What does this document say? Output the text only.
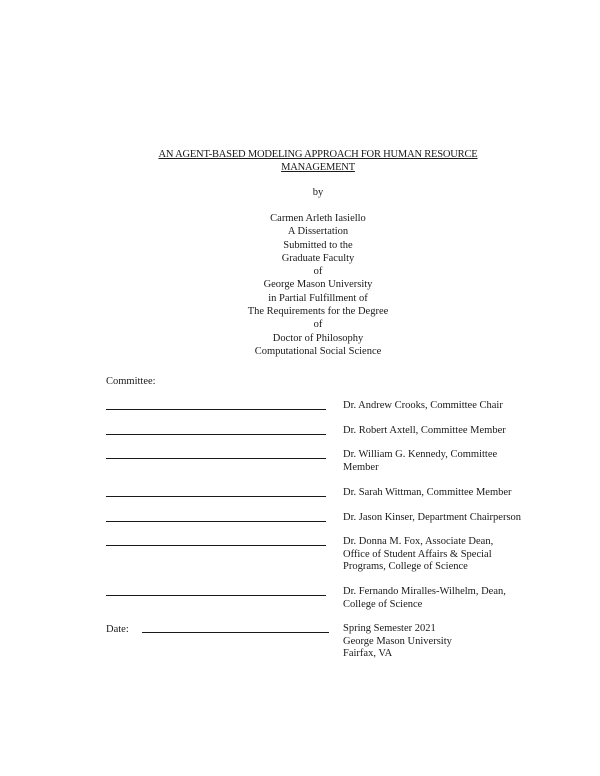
AN AGENT-BASED MODELING APPROACH FOR HUMAN RESOURCE
MANAGEMENT
by
Carmen Arleth Iasiello
A Dissertation
Submitted to the
Graduate Faculty
of
George Mason University
in Partial Fulfillment of
The Requirements for the Degree
of
Doctor of Philosophy
Computational Social Science
Committee:
Dr. Andrew Crooks, Committee Chair
Dr. Robert Axtell, Committee Member
Dr. William G. Kennedy, Committee
Member
Dr. Sarah Wittman, Committee Member
Dr. Jason Kinser, Department Chairperson
Dr. Donna M. Fox, Associate Dean,
Office of Student Affairs & Special
Programs, College of Science
Dr. Fernando Miralles-Wilhelm, Dean,
College of Science
Date:	Spring Semester 2021
George Mason University
Fairfax, VA
